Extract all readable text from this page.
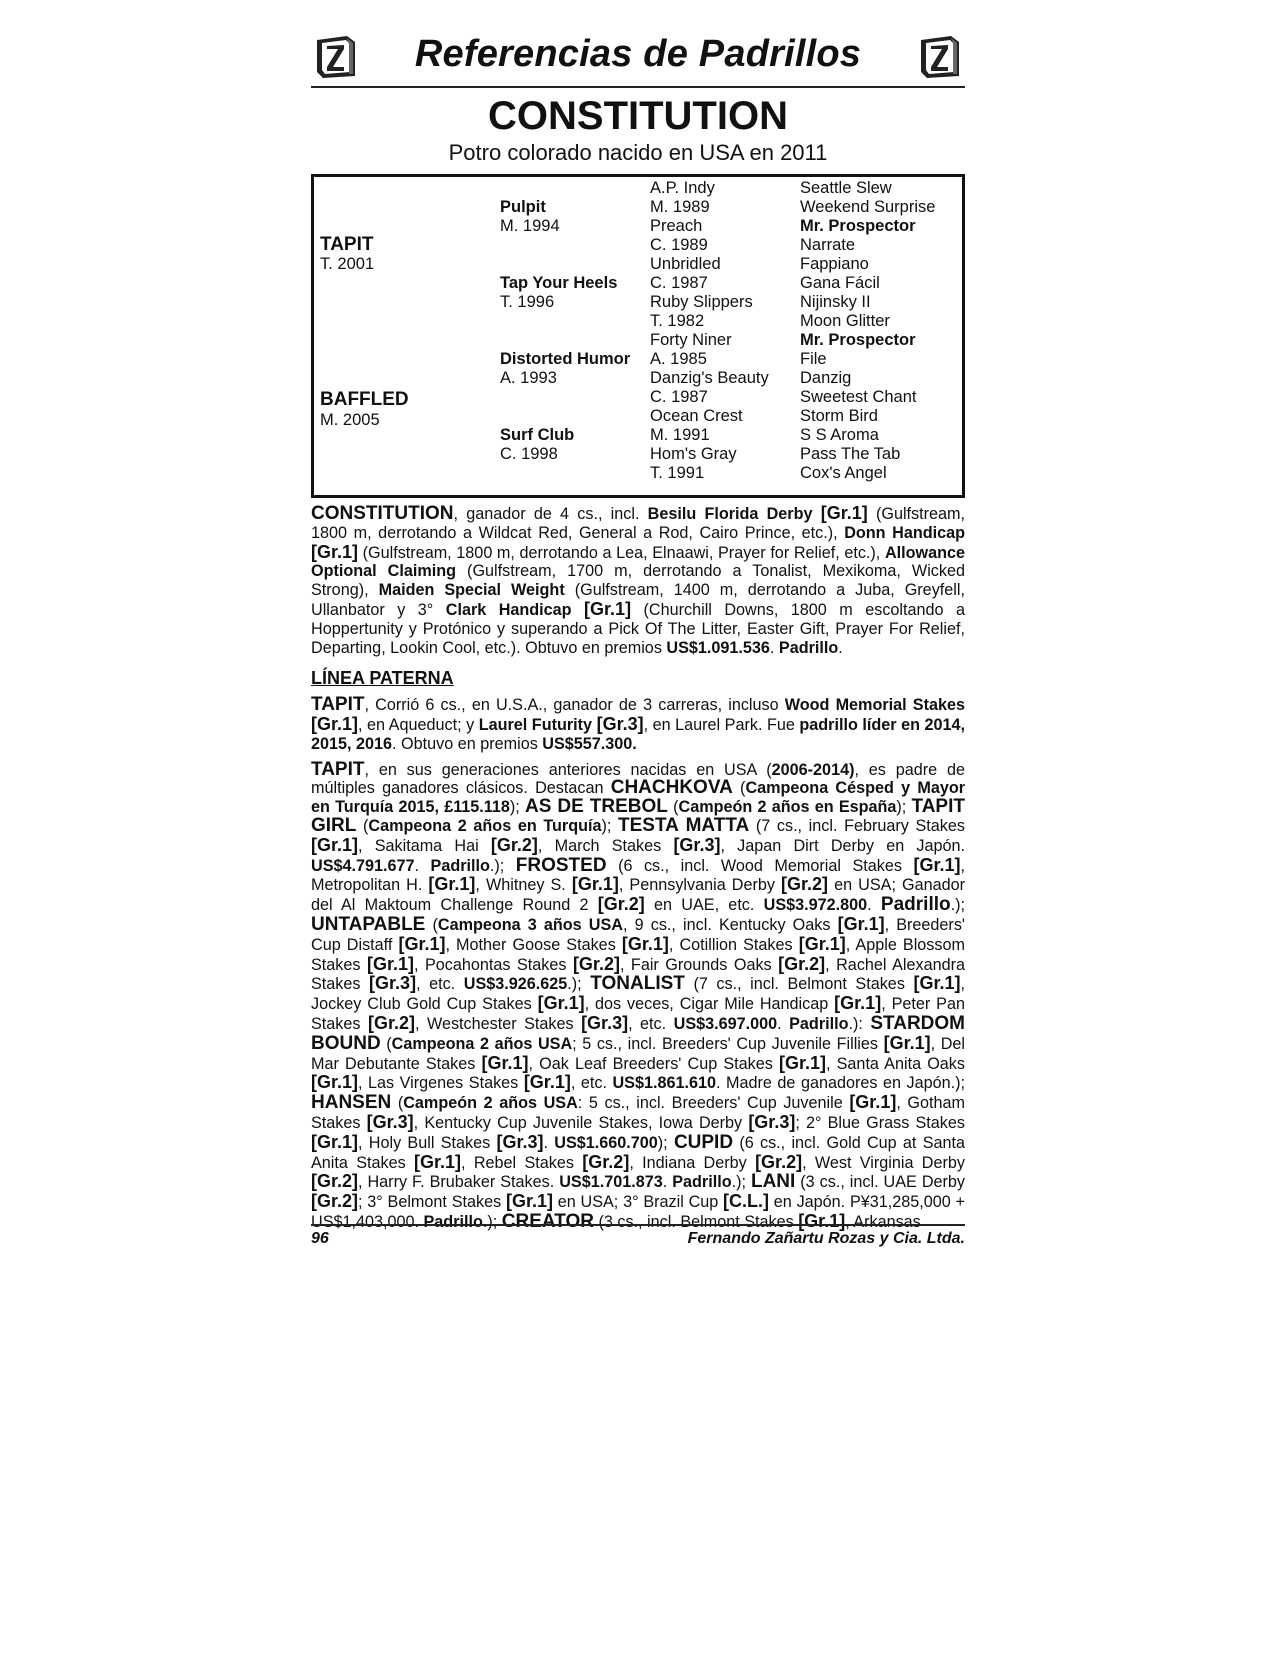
Referencias de Padrillos
CONSTITUTION
Potro colorado nacido en USA en 2011
TAPIT
T. 2001
BAFFLED
M. 2005
Pulpit
M. 1994
Tap Your Heels
T. 1996
Distorted Humor
A. 1993
Surf Club
C. 1998
A.P. Indy
M. 1989
Preach
C. 1989
Unbridled
C. 1987
Ruby Slippers
T. 1982
Forty Niner
A. 1985
Danzig's Beauty
C. 1987
Ocean Crest
M. 1991
Hom's Gray
T. 1991
Seattle Slew
Weekend Surprise
Mr. Prospector
Narrate
Fappiano
Gana Fácil
Nijinsky II
Moon Glitter
Mr. Prospector
File
Danzig
Sweetest Chant
Storm Bird
S S Aroma
Pass The Tab
Cox's Angel

CONSTITUTION, ganador de 4 cs., incl. Besilu Florida Derby [Gr.1] (Gulfstream, 1800 m, derrotando a Wildcat Red, General a Rod, Cairo Prince, etc.), Donn Handicap [Gr.1] (Gulfstream, 1800 m, derrotando a Lea, Elnaawi, Prayer for Relief, etc.), Allowance Optional Claiming (Gulfstream, 1700 m, derrotando a Tonalist, Mexikoma, Wicked Strong), Maiden Special Weight (Gulfstream, 1400 m, derrotando a Juba, Greyfell, Ullanbator y 3° Clark Handicap [Gr.1] (Churchill Downs, 1800 m escoltando a Hoppertunity y Protónico y superando a Pick Of The Litter, Easter Gift, Prayer For Relief, Departing, Lookin Cool, etc.). Obtuvo en premios US$1.091.536. Padrillo.

LÍNEA PATERNA

TAPIT, Corrió 6 cs., en U.S.A., ganador de 3 carreras, incluso Wood Memorial Stakes [Gr.1], en Aqueduct; y Laurel Futurity [Gr.3], en Laurel Park. Fue padrillo líder en 2014, 2015, 2016. Obtuvo en premios US$557.300.

TAPIT, en sus generaciones anteriores nacidas en USA (2006-2014), es padre de múltiples ganadores clásicos. Destacan CHACHKOVA (Campeona Césped y Mayor en Turquía 2015, £115.118); AS DE TREBOL (Campeón 2 años en España); TAPIT GIRL (Campeona 2 años en Turquía); TESTA MATTA (7 cs., incl. February Stakes [Gr.1], Sakitama Hai [Gr.2], March Stakes [Gr.3], Japan Dirt Derby en Japón. US$4.791.677. Padrillo.); FROSTED (6 cs., incl. Wood Memorial Stakes [Gr.1], Metropolitan H. [Gr.1], Whitney S. [Gr.1], Pennsylvania Derby [Gr.2] en USA; Ganador del Al Maktoum Challenge Round 2 [Gr.2] en UAE, etc. US$3.972.800. Padrillo.); UNTAPABLE (Campeona 3 años USA, 9 cs., incl. Kentucky Oaks [Gr.1], Breeders' Cup Distaff [Gr.1], Mother Goose Stakes [Gr.1], Cotillion Stakes [Gr.1], Apple Blossom Stakes [Gr.1], Pocahontas Stakes [Gr.2], Fair Grounds Oaks [Gr.2], Rachel Alexandra Stakes [Gr.3], etc. US$3.926.625.); TONALIST (7 cs., incl. Belmont Stakes [Gr.1], Jockey Club Gold Cup Stakes [Gr.1], dos veces, Cigar Mile Handicap [Gr.1], Peter Pan Stakes [Gr.2], Westchester Stakes [Gr.3], etc. US$3.697.000. Padrillo.): STARDOM BOUND (Campeona 2 años USA; 5 cs., incl. Breeders' Cup Juvenile Fillies [Gr.1], Del Mar Debutante Stakes [Gr.1], Oak Leaf Breeders' Cup Stakes [Gr.1], Santa Anita Oaks [Gr.1], Las Virgenes Stakes [Gr.1], etc. US$1.861.610. Madre de ganadores en Japón.); HANSEN (Campeón 2 años USA: 5 cs., incl. Breeders' Cup Juvenile [Gr.1], Gotham Stakes [Gr.3], Kentucky Cup Juvenile Stakes, Iowa Derby [Gr.3]; 2° Blue Grass Stakes [Gr.1], Holy Bull Stakes [Gr.3]. US$1.660.700); CUPID (6 cs., incl. Gold Cup at Santa Anita Stakes [Gr.1], Rebel Stakes [Gr.2], Indiana Derby [Gr.2], West Virginia Derby [Gr.2], Harry F. Brubaker Stakes. US$1.701.873. Padrillo.); LANI (3 cs., incl. UAE Derby [Gr.2]; 3° Belmont Stakes [Gr.1] en USA; 3° Brazil Cup [C.L.] en Japón. P¥31,285,000 + US$1,403,000. Padrillo.); CREATOR (3 cs., incl. Belmont Stakes [Gr.1], Arkansas

96	Fernando Zañartu Rozas y Cia. Ltda.
